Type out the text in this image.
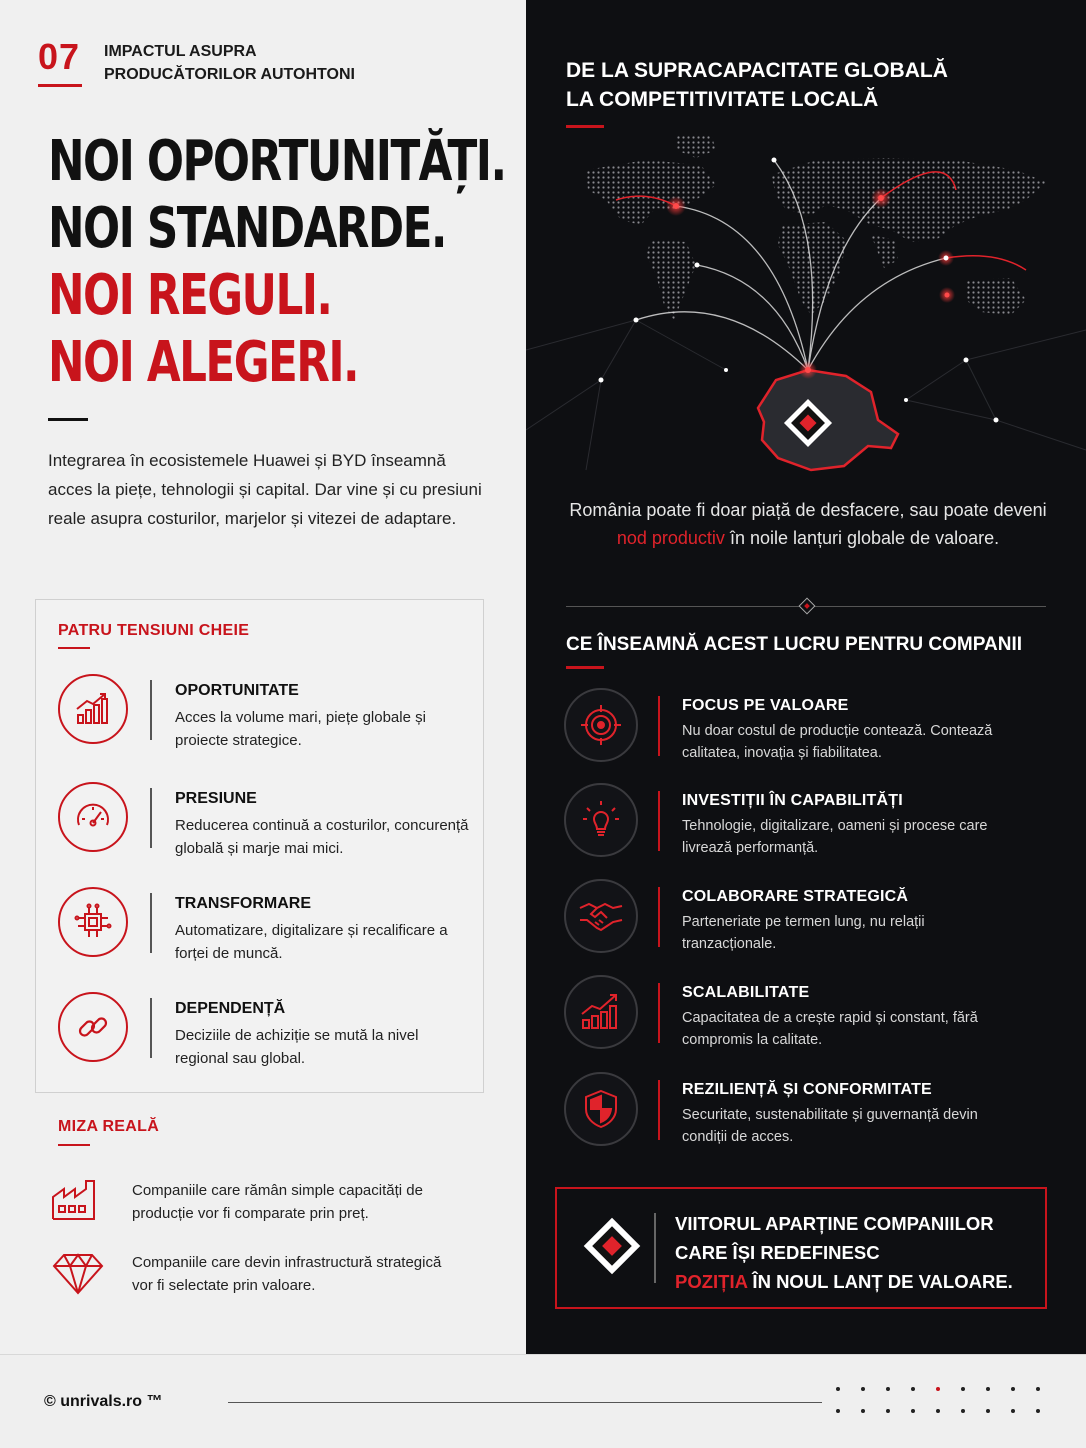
07 IMPACTUL ASUPRA
PRODUCĂTORILOR AUTOHTONI
NOI OPORTUNITĂȚI.
NOI STANDARDE.
NOI REGULI.
NOI ALEGERI.

Integrarea în ecosistemele Huawei și BYD înseamnă acces la piețe, tehnologii și capital. Dar vine și cu presiuni reale asupra costurilor, marjelor și vitezei de adaptare.

PATRU TENSIUNI CHEIE
OPORTUNITATE
Acces la volume mari, piețe globale și proiecte strategice.
PRESIUNE
Reducerea continuă a costurilor, concurență globală și marje mai mici.
TRANSFORMARE
Automatizare, digitalizare și recalificare a forței de muncă.
DEPENDENȚĂ
Deciziile de achiziție se mută la nivel regional sau global.
MIZA REALĂ
Companiile care rămân simple capacități de producție vor fi comparate prin preț.
Companiile care devin infrastructură strategică vor fi selectate prin valoare.
DE LA SUPRACAPACITATE GLOBALĂ
LA COMPETITIVITATE LOCALĂ

România poate fi doar piață de desfacere, sau poate deveni nod productiv în noile lanțuri globale de valoare.

CE ÎNSEAMNĂ ACEST LUCRU PENTRU COMPANII
FOCUS PE VALOARE
Nu doar costul de producție contează. Contează calitatea, inovația și fiabilitatea.
INVESTIȚII ÎN CAPABILITĂȚI
Tehnologie, digitalizare, oameni și procese care livrează performanță.
COLABORARE STRATEGICĂ
Parteneriate pe termen lung, nu relații tranzacționale.
SCALABILITATE
Capacitatea de a crește rapid și constant, fără compromis la calitate.
REZILIENȚĂ ȘI CONFORMITATE
Securitate, sustenabilitate și guvernanță devin condiții de acces.
VIITORUL APARȚINE COMPANIILOR
CARE ÎȘI REDEFINESC
POZIȚIA ÎN NOUL LANȚ DE VALOARE.
© unrivals.ro ™
